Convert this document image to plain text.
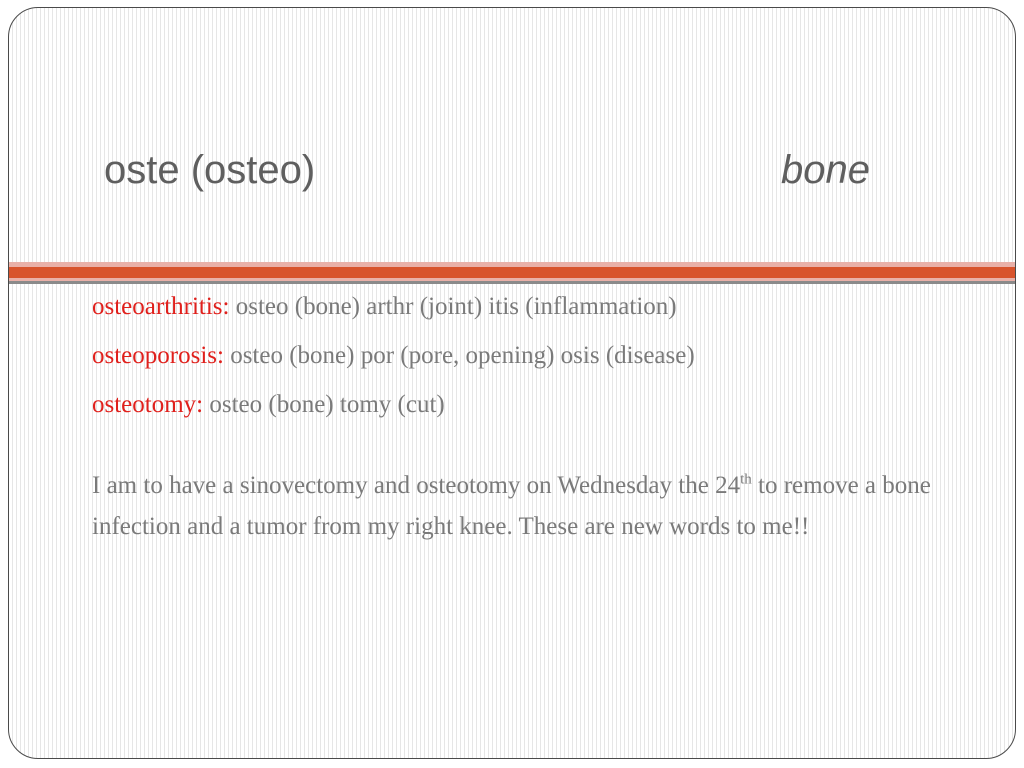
oste (osteo)	bone
osteoarthritis: osteo (bone) arthr (joint) itis (inflammation)
osteoporosis: osteo (bone) por (pore, opening) osis (disease)
osteotomy: osteo (bone) tomy (cut)
I am to have a sinovectomy and osteotomy on Wednesday the 24th to remove a bone infection and a tumor from my right knee. These are new words to me!!
